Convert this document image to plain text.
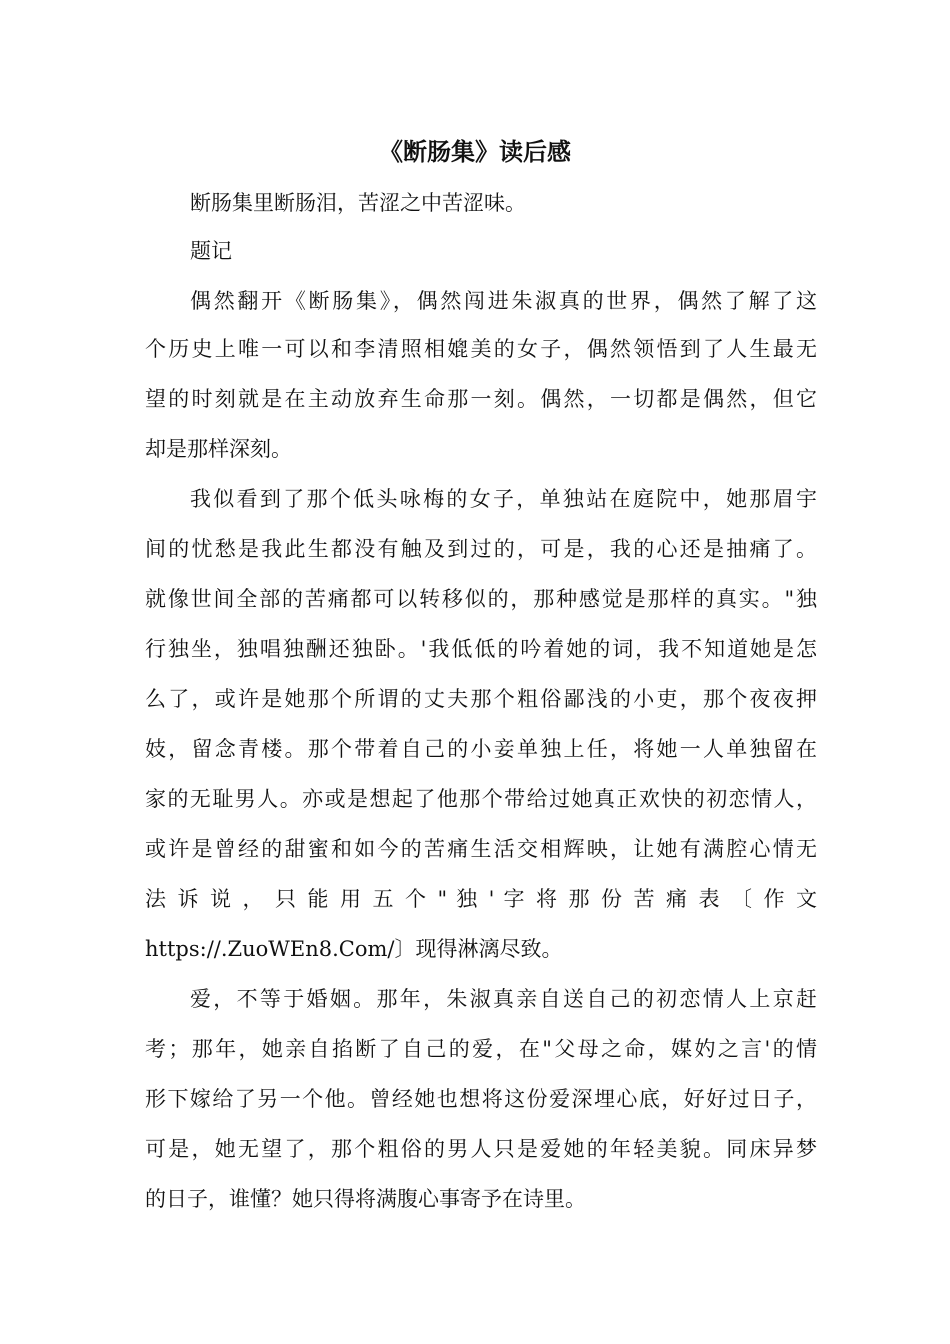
《断肠集》读后感

断肠集里断肠泪，苦涩之中苦涩味。

题记

偶然翻开《断肠集》，偶然闯进朱淑真的世界，偶然了解了这

个历史上唯一可以和李清照相媲美的女子，偶然领悟到了人生最无

望的时刻就是在主动放弃生命那一刻。偶然，一切都是偶然，但它

却是那样深刻。

我似看到了那个低头咏梅的女子，单独站在庭院中，她那眉宇

间的忧愁是我此生都没有触及到过的，可是，我的心还是抽痛了。

就像世间全部的苦痛都可以转移似的，那种感觉是那样的真实。"独

行独坐，独唱独酬还独卧。'我低低的吟着她的词，我不知道她是怎

么了，或许是她那个所谓的丈夫那个粗俗鄙浅的小吏，那个夜夜押

妓，留念青楼。那个带着自己的小妾单独上任，将她一人单独留在

家的无耻男人。亦或是想起了他那个带给过她真正欢快的初恋情人，

或许是曾经的甜蜜和如今的苦痛生活交相辉映，让她有满腔心情无

法 诉 说 ， 只 能 用 五 个 " 独 ' 字 将 那 份 苦 痛 表 〔 作 文

https://.ZuoWEn8.Com/〕现得淋漓尽致。

爱，不等于婚姻。那年，朱淑真亲自送自己的初恋情人上京赶

考；那年，她亲自掐断了自己的爱，在"父母之命，媒妁之言'的情

形下嫁给了另一个他。曾经她也想将这份爱深埋心底，好好过日子，

可是，她无望了，那个粗俗的男人只是爱她的年轻美貌。同床异梦

的日子，谁懂？她只得将满腹心事寄予在诗里。
